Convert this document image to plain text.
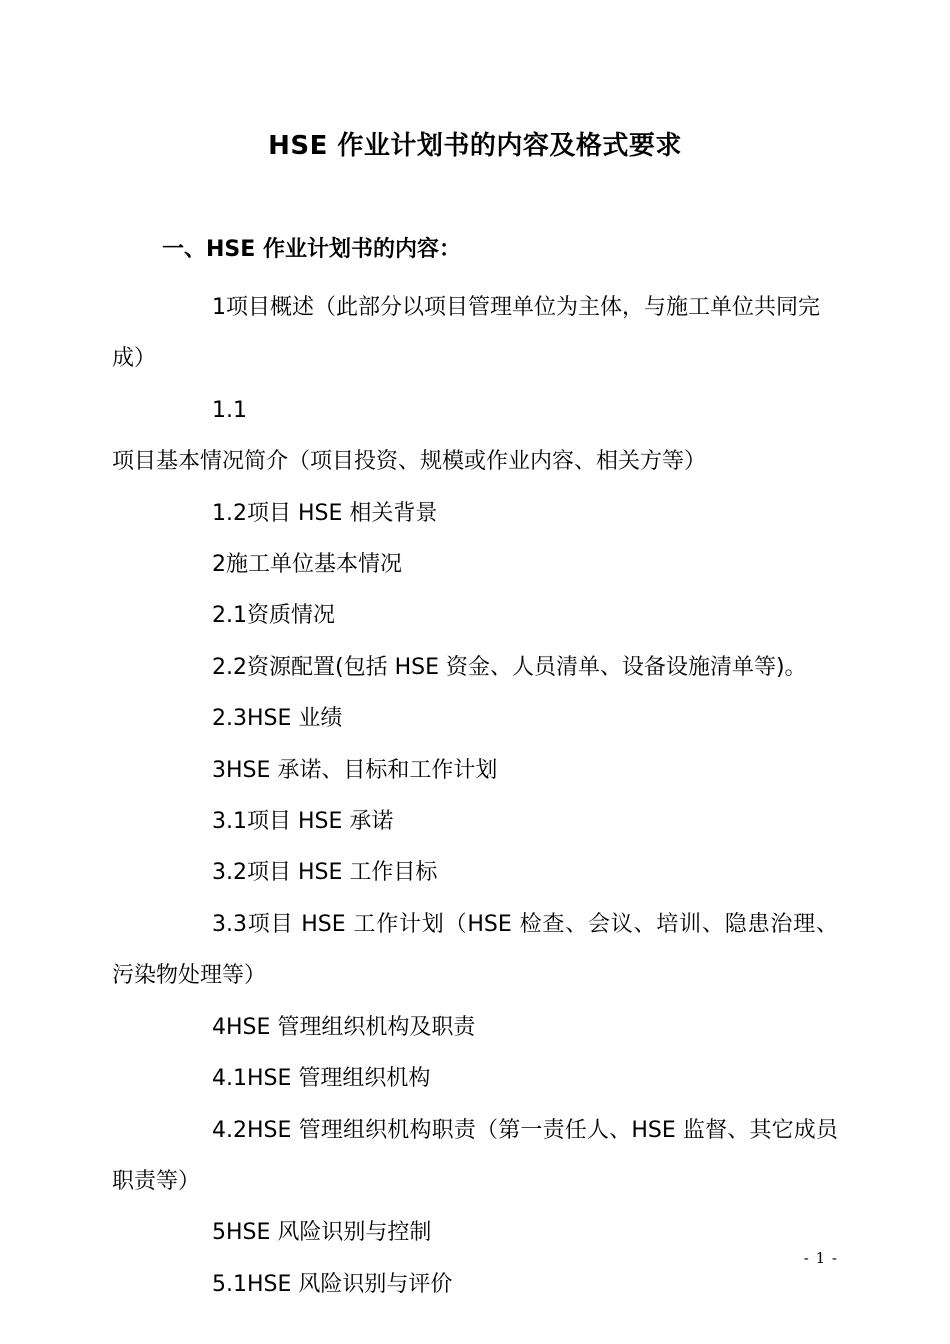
HSE 作业计划书的内容及格式要求
一、HSE 作业计划书的内容：

1项目概述（此部分以项目管理单位为主体，与施工单位共同完成）

1.1项目基本情况简介（项目投资、规模或作业内容、相关方等）

1.2项目 HSE 相关背景

2施工单位基本情况

2.1资质情况

2.2资源配置(包括 HSE 资金、人员清单、设备设施清单等)。

2.3HSE 业绩

3HSE 承诺、目标和工作计划

3.1项目 HSE 承诺

3.2项目 HSE 工作目标

3.3项目 HSE 工作计划（HSE 检查、会议、培训、隐患治理、污染物处理等）

4HSE 管理组织机构及职责

4.1HSE 管理组织机构

4.2HSE 管理组织机构职责（第一责任人、HSE 监督、其它成员职责等）

5HSE 风险识别与控制

5.1HSE 风险识别与评价

- 1 -
